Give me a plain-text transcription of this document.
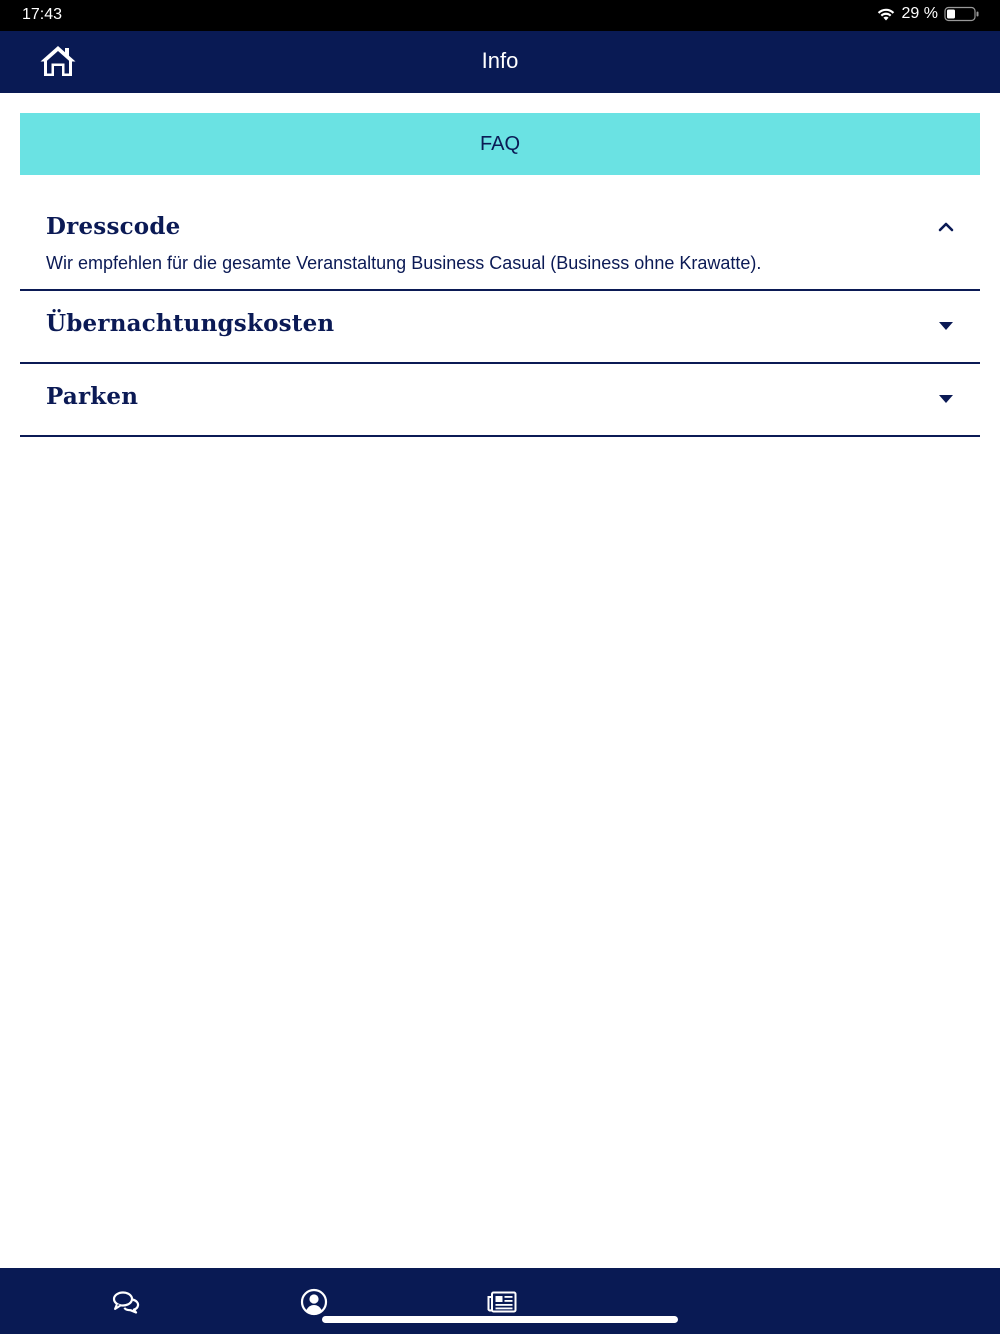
17:43	29 %
Info
FAQ
Dresscode
Wir empfehlen für die gesamte Veranstaltung Business Casual (Business ohne Krawatte).
Übernachtungskosten
Parken
